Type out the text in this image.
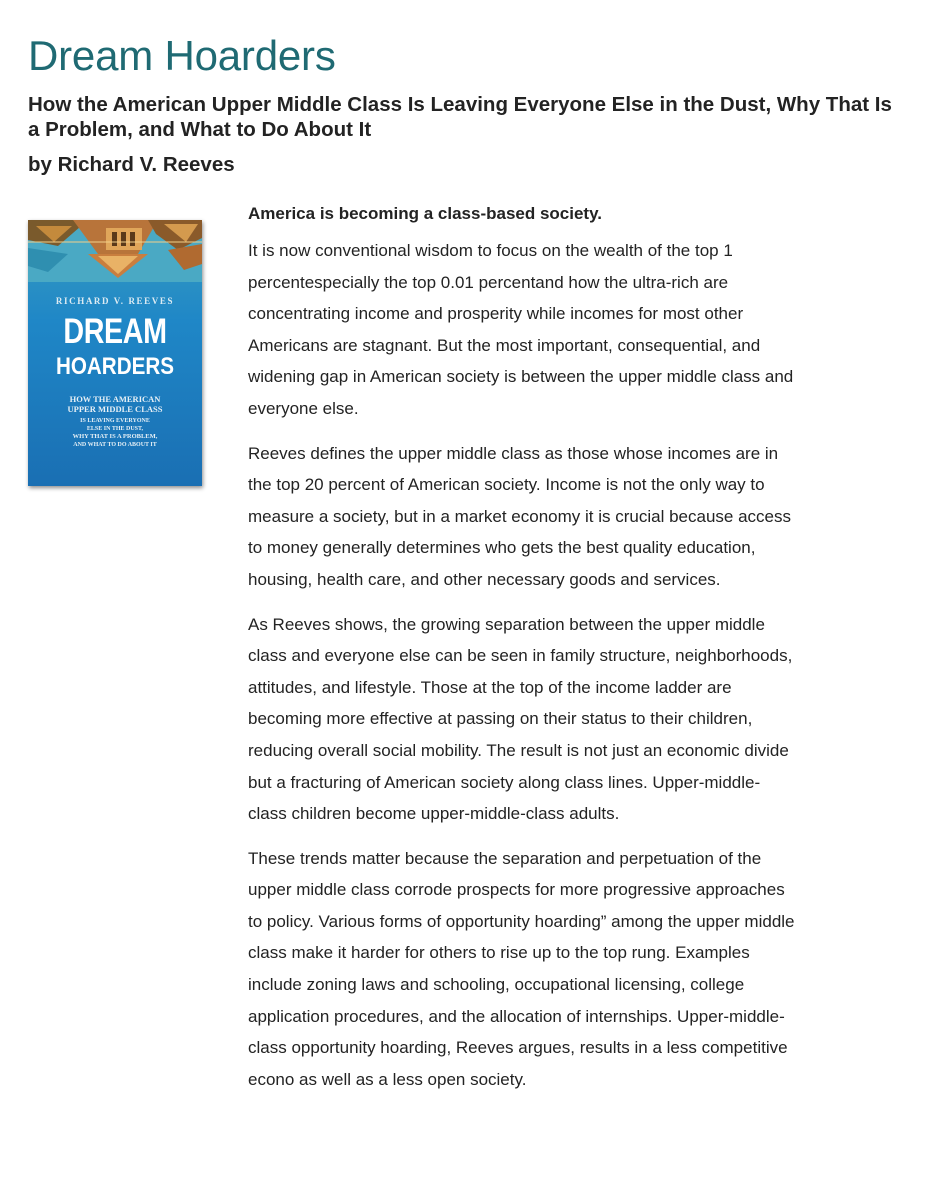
Dream Hoarders
How the American Upper Middle Class Is Leaving Everyone Else in the Dust, Why That Is a Problem, and What to Do About It
by Richard V. Reeves
RICHARD V. REEVES
DREAM
HOARDERS
HOW THE AMERICAN
UPPER MIDDLE CLASS
IS LEAVING EVERYONE
ELSE IN THE DUST,
WHY THAT IS A PROBLEM,
AND WHAT TO DO ABOUT IT

America is becoming a class-based society.

It is now conventional wisdom to focus on the wealth of the top 1 percentespecially the top 0.01 percentand how the ultra-rich are concentrating income and prosperity while incomes for most other Americans are stagnant. But the most important, consequential, and widening gap in American society is between the upper middle class and everyone else.

Reeves defines the upper middle class as those whose incomes are in the top 20 percent of American society. Income is not the only way to measure a society, but in a market economy it is crucial because access to money generally determines who gets the best quality education, housing, health care, and other necessary goods and services.

As Reeves shows, the growing separation between the upper middle class and everyone else can be seen in family structure, neighborhoods, attitudes, and lifestyle. Those at the top of the income ladder are becoming more effective at passing on their status to their children, reducing overall social mobility. The result is not just an economic divide but a fracturing of American society along class lines. Upper-middle-class children become upper-middle-class adults.

These trends matter because the separation and perpetuation of the upper middle class corrode prospects for more progressive approaches to policy. Various forms of opportunity hoarding” among the upper middle class make it harder for others to rise up to the top rung. Examples include zoning laws and schooling, occupational licensing, college application procedures, and the allocation of internships. Upper-middle-class opportunity hoarding, Reeves argues, results in a less competitive econo as well as a less open society.
